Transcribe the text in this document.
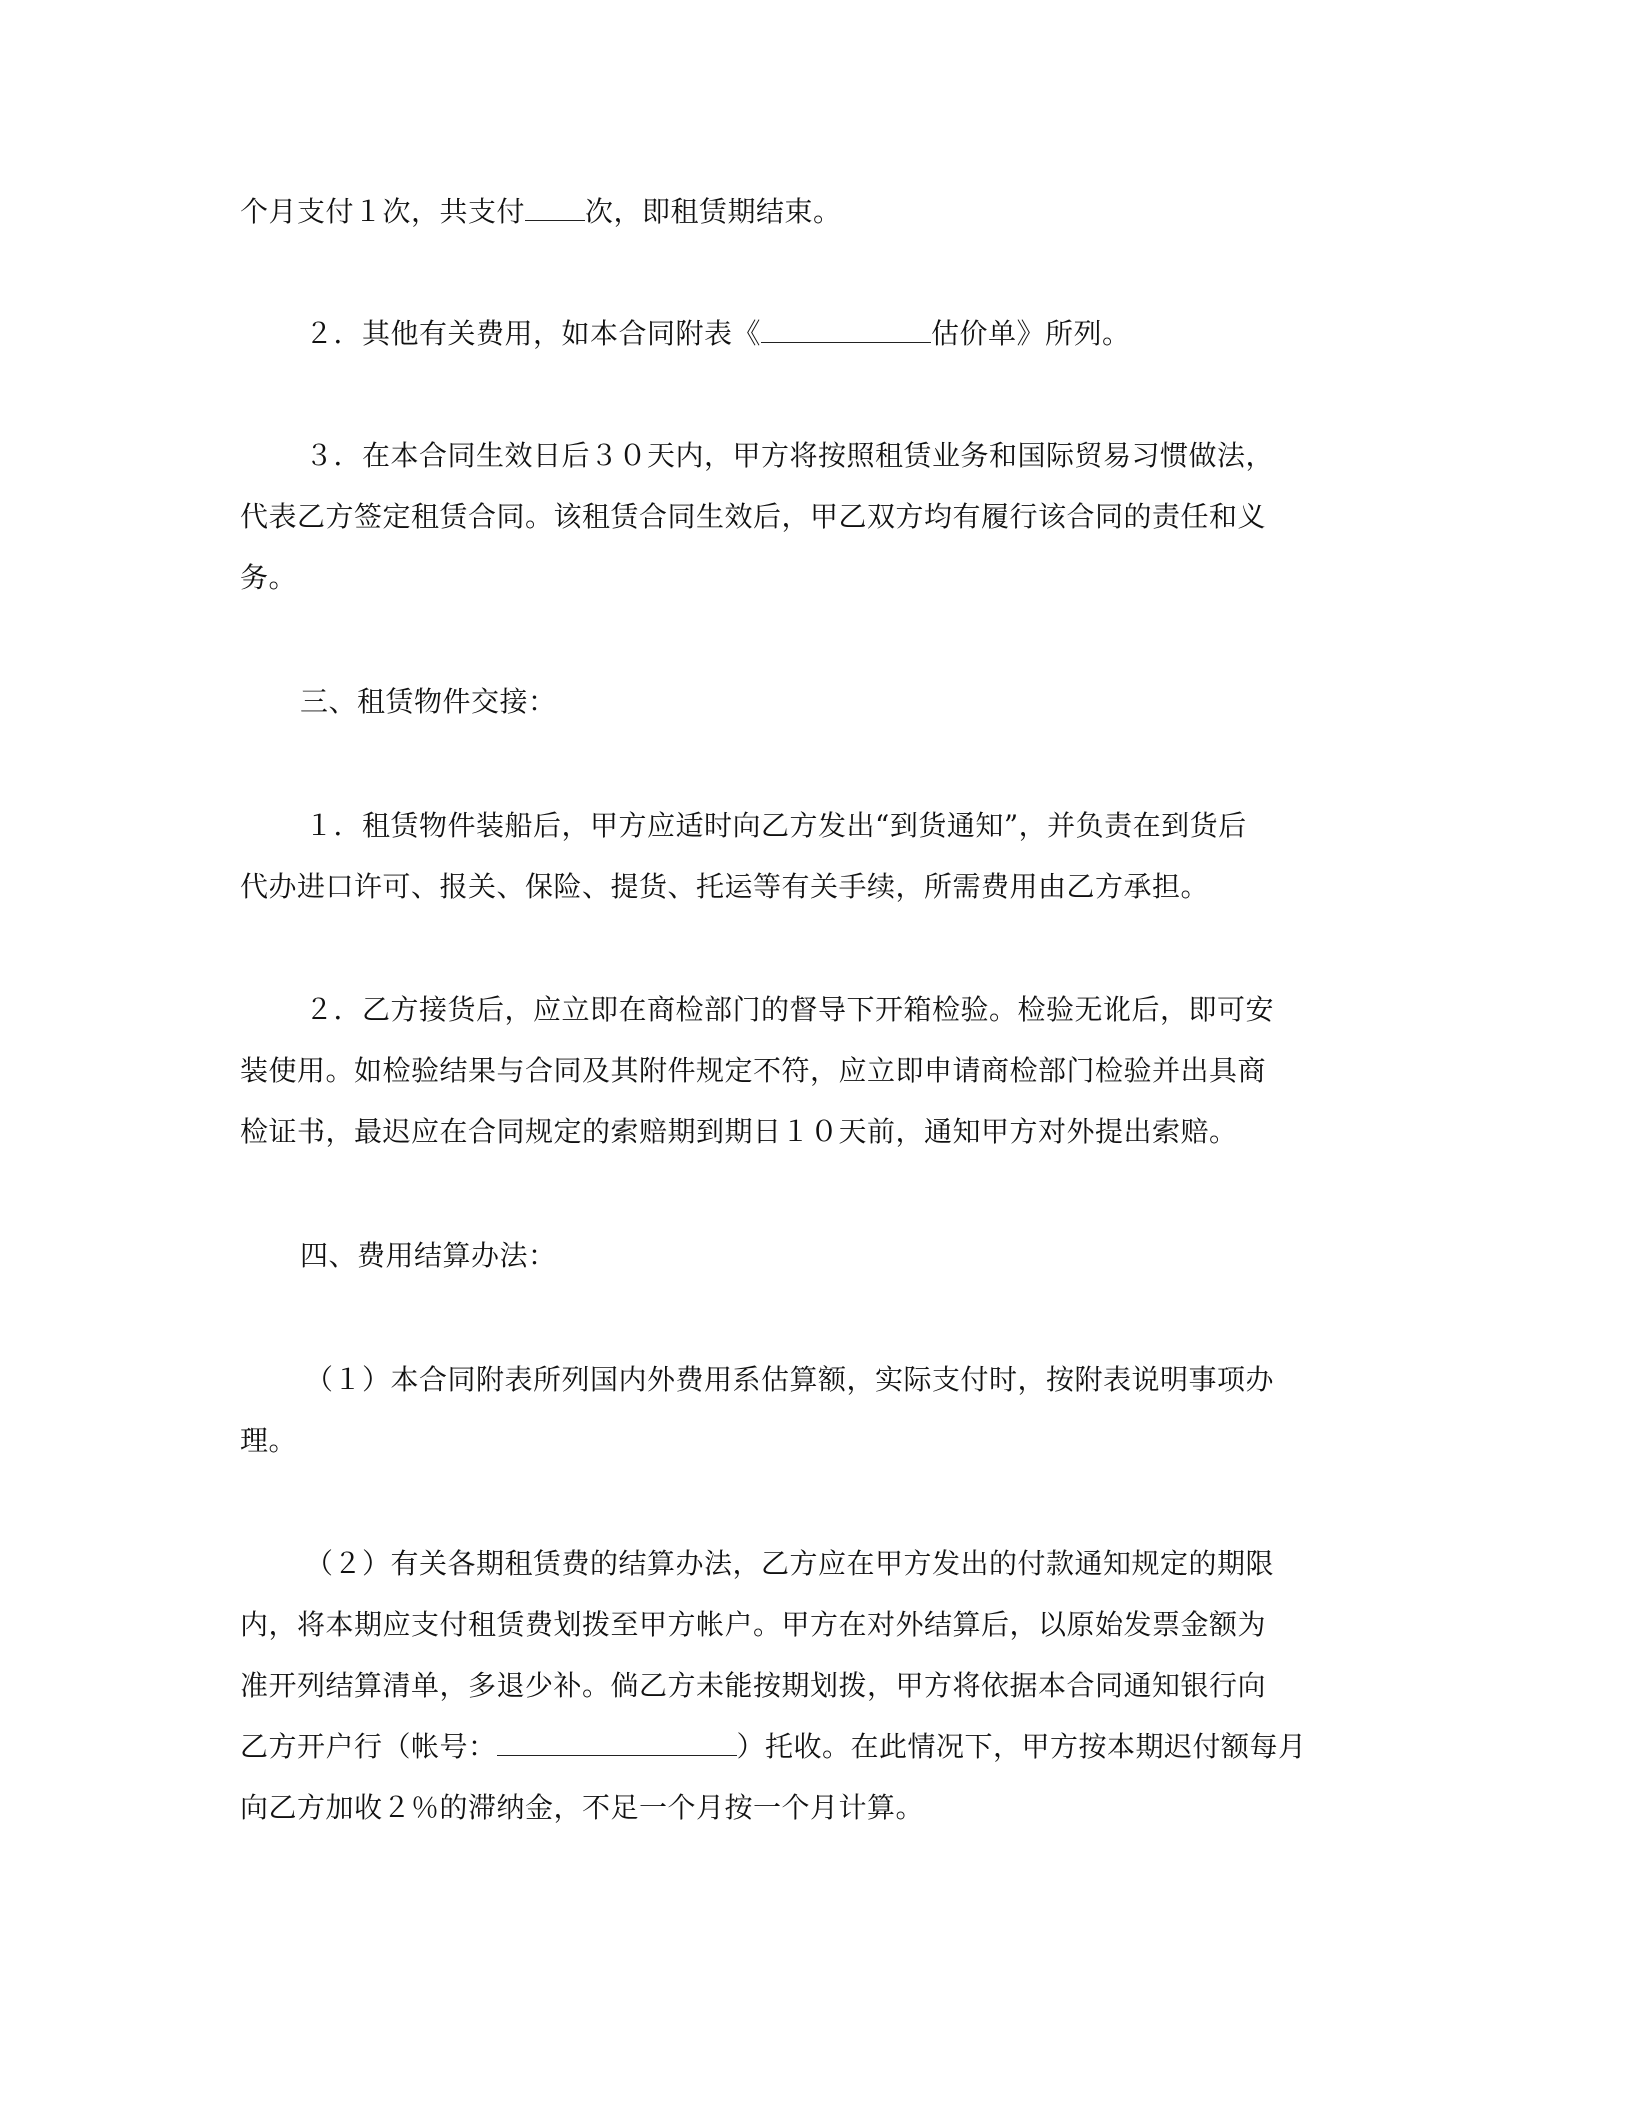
个月支付１次，共支付 次，即租赁期结束。
２．其他有关费用，如本合同附表《	估价单》所列。
３．在本合同生效日后３０天内，甲方将按照租赁业务和国际贸易习惯做法，
代表乙方签定租赁合同。该租赁合同生效后，甲乙双方均有履行该合同的责任和义
务。
三、租赁物件交接：
１．租赁物件装船后，甲方应适时向乙方发出“到货通知”，并负责在到货后
代办进口许可、报关、保险、提货、托运等有关手续，所需费用由乙方承担。
２．乙方接货后，应立即在商检部门的督导下开箱检验。检验无讹后，即可安
装使用。如检验结果与合同及其附件规定不符，应立即申请商检部门检验并出具商
检证书，最迟应在合同规定的索赔期到期日１０天前，通知甲方对外提出索赔。
四、费用结算办法：
（１）本合同附表所列国内外费用系估算额，实际支付时，按附表说明事项办
理。
（２）有关各期租赁费的结算办法，乙方应在甲方发出的付款通知规定的期限
内，将本期应支付租赁费划拨至甲方帐户。甲方在对外结算后，以原始发票金额为
准开列结算清单，多退少补。倘乙方未能按期划拨，甲方将依据本合同通知银行向
乙方开户行（帐号：	）托收。在此情况下，甲方按本期迟付额每月
向乙方加收２％的滞纳金，不足一个月按一个月计算。
